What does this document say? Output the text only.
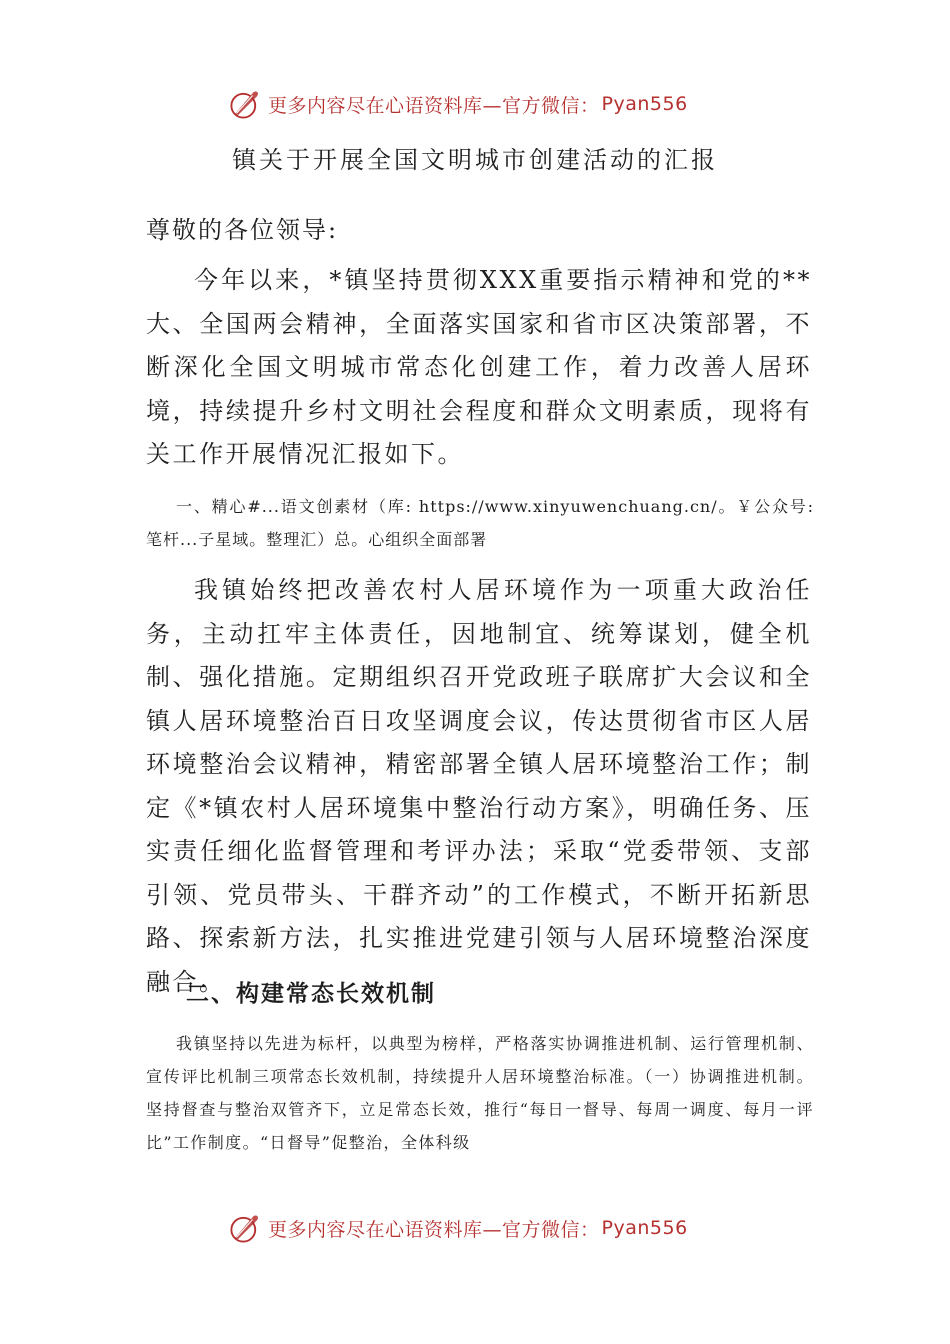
更多内容尽在心语资料库—官方微信： Pyan556
镇关于开展全国文明城市创建活动的汇报
尊敬的各位领导:

今年以来，*镇坚持贯彻XXX重要指示精神和党的**大、全国两会精神，全面落实国家和省市区决策部署，不断深化全国文明城市常态化创建工作，着力改善人居环境，持续提升乡村文明社会程度和群众文明素质，现将有关工作开展情况汇报如下。

一、精心#...语文创素材（库: https://www.xinyuwenchuang.cn/。￥公众号:笔杆...子星域。整理汇）总。心组织全面部署

我镇始终把改善农村人居环境作为一项重大政治任务，主动扛牢主体责任，因地制宜、统筹谋划，健全机制、强化措施。定期组织召开党政班子联席扩大会议和全镇人居环境整治百日攻坚调度会议，传达贯彻省市区人居环境整治会议精神，精密部署全镇人居环境整治工作；制定《*镇农村人居环境集中整治行动方案》，明确任务、压实责任细化监督管理和考评办法；采取“党委带领、支部引领、党员带头、干群齐动”的工作模式，不断开拓新思路、探索新方法，扎实推进党建引领与人居环境整治深度融合。

二、构建常态长效机制

我镇坚持以先进为标杆，以典型为榜样，严格落实协调推进机制、运行管理机制、宣传评比机制三项常态长效机制，持续提升人居环境整治标准。（一）协调推进机制。坚持督查与整治双管齐下，立足常态长效，推行“每日一督导、每周一调度、每月一评比”工作制度。“日督导”促整治，全体科级

更多内容尽在心语资料库—官方微信： Pyan556
